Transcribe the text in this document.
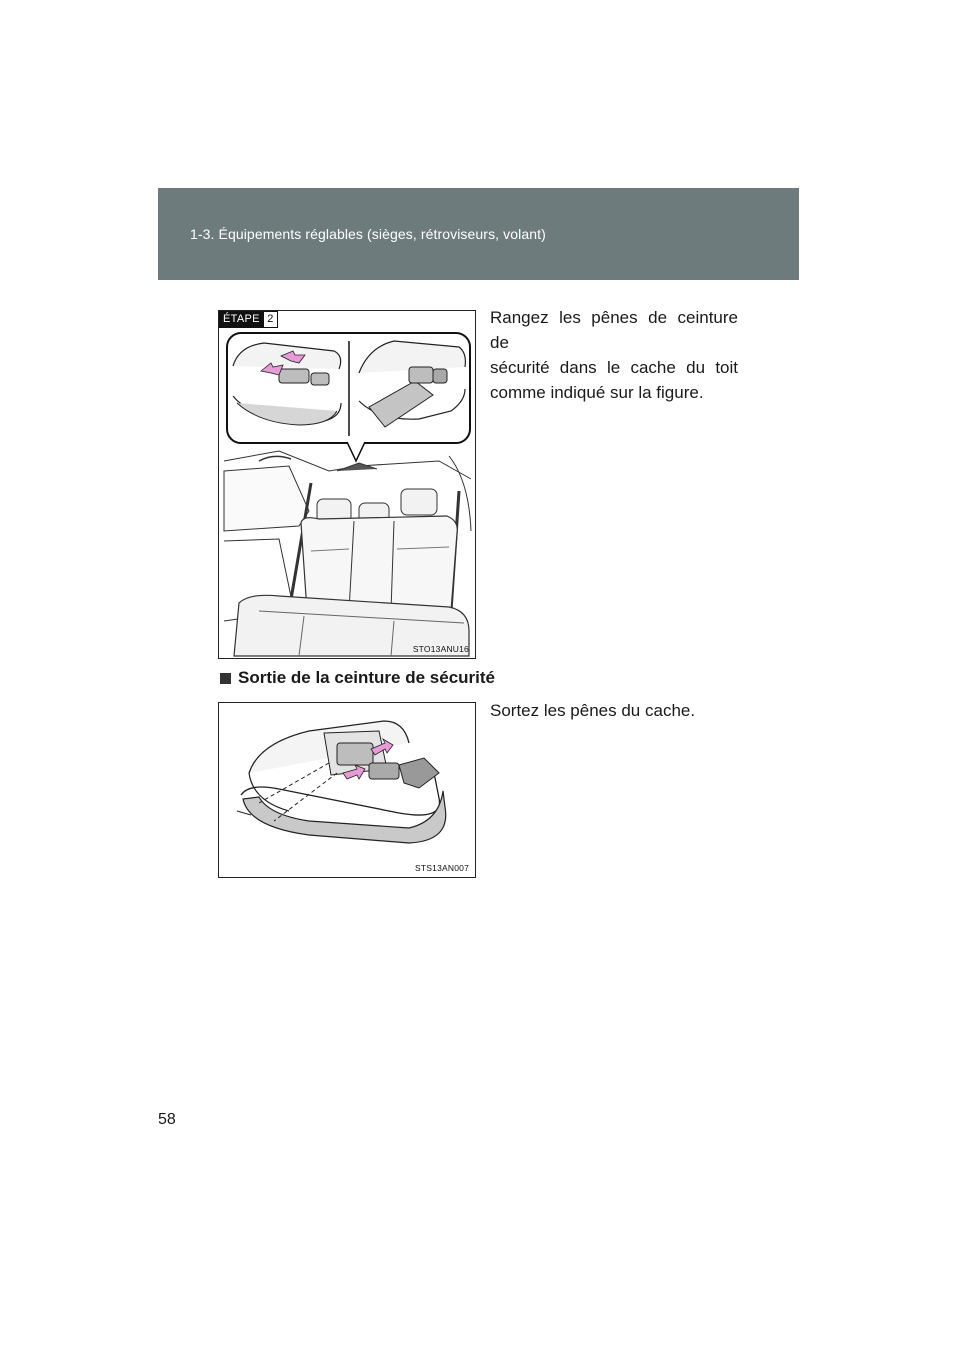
1-3. Équipements réglables (sièges, rétroviseurs, volant)
ÉTAPE 2
STO13ANU16
Rangez les pênes de ceinture de
sécurité dans le cache du toit
comme indiqué sur la figure.
Sortie de la ceinture de sécurité
STS13AN007
Sortez les pênes du cache.
58
